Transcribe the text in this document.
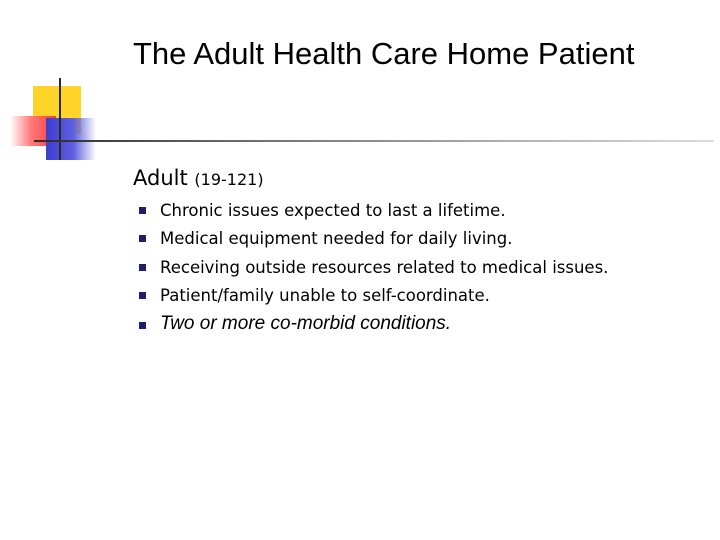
The Adult Health Care Home Patient
Adult (19-121)
Chronic issues expected to last a lifetime.
Medical equipment needed for daily living.
Receiving outside resources related to medical issues.
Patient/family unable to self-coordinate.
Two or more co-morbid conditions.
